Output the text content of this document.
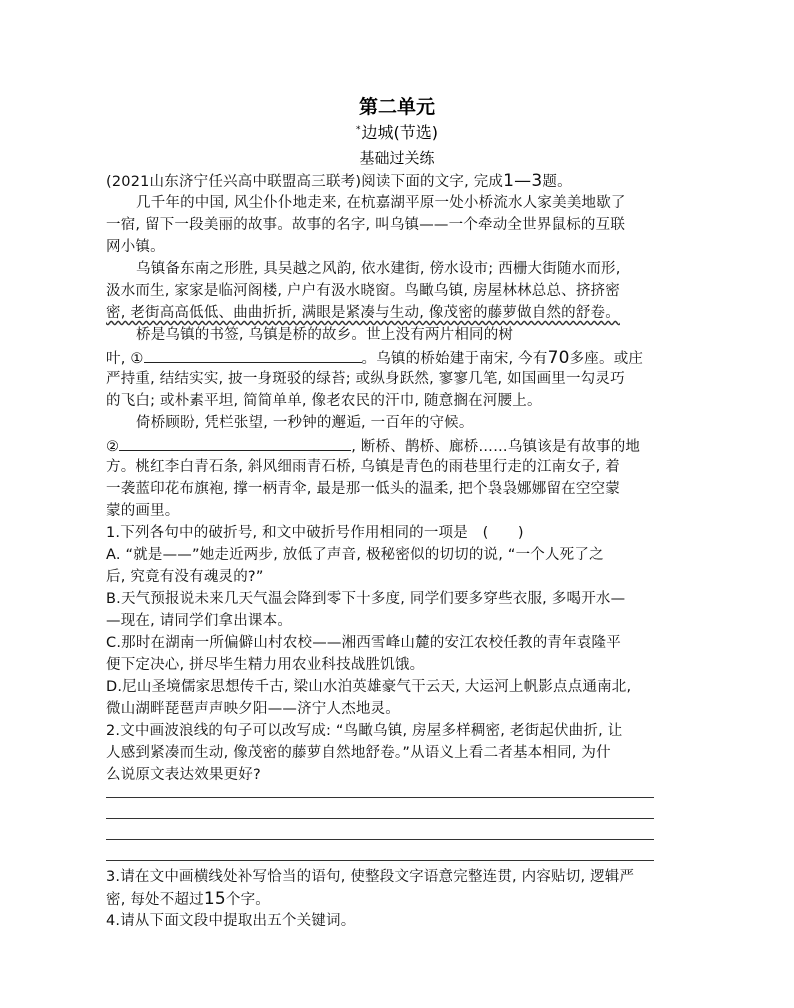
第二单元
*边城(节选)
基础过关练
(2021山东济宁任兴高中联盟高三联考)阅读下面的文字, 完成1—3题。
几千年的中国, 风尘仆仆地走来, 在杭嘉湖平原一处小桥流水人家美美地歇了
一宿, 留下一段美丽的故事。故事的名字, 叫乌镇——一个牵动全世界鼠标的互联
网小镇。
乌镇备东南之形胜, 具吴越之风韵, 依水建街, 傍水设市; 西栅大街随水而形,
汲水而生, 家家是临河阁楼, 户户有汲水晓窗。鸟瞰乌镇, 房屋林林总总、挤挤密
密, 老街高高低低、曲曲折折, 满眼是紧凑与生动, 像茂密的藤萝做自然的舒卷。
桥是乌镇的书签, 乌镇是桥的故乡。世上没有两片相同的树
叶, ①	。乌镇的桥始建于南宋, 今有70多座。或庄
严持重, 结结实实, 披一身斑驳的绿苔; 或纵身跃然, 寥寥几笔, 如国画里一勾灵巧
的飞白; 或朴素平坦, 简简单单, 像老农民的汗巾, 随意搁在河腰上。
倚桥顾盼, 凭栏张望, 一秒钟的邂逅, 一百年的守候。
②	, 断桥、鹊桥、廊桥……乌镇该是有故事的地
方。桃红李白青石条, 斜风细雨青石桥, 乌镇是青色的雨巷里行走的江南女子, 着
一袭蓝印花布旗袍, 撑一柄青伞, 最是那一低头的温柔, 把个袅袅娜娜留在空空蒙
蒙的画里。
1.下列各句中的破折号, 和文中破折号作用相同的一项是　(　　)
A. “就是——”她走近两步, 放低了声音, 极秘密似的切切的说, “一个人死了之
后, 究竟有没有魂灵的?”
B.天气预报说未来几天气温会降到零下十多度, 同学们要多穿些衣服, 多喝开水—
—现在, 请同学们拿出课本。
C.那时在湖南一所偏僻山村农校——湘西雪峰山麓的安江农校任教的青年袁隆平
便下定决心, 拼尽毕生精力用农业科技战胜饥饿。
D.尼山圣境儒家思想传千古, 梁山水泊英雄豪气干云天, 大运河上帆影点点通南北,
微山湖畔琵琶声声映夕阳——济宁人杰地灵。
2.文中画波浪线的句子可以改写成: “鸟瞰乌镇, 房屋多样稠密, 老街起伏曲折, 让
人感到紧凑而生动, 像茂密的藤萝自然地舒卷。”从语义上看二者基本相同, 为什
么说原文表达效果更好?
3.请在文中画横线处补写恰当的语句, 使整段文字语意完整连贯, 内容贴切, 逻辑严
密, 每处不超过15个字。
4.请从下面文段中提取出五个关键词。
